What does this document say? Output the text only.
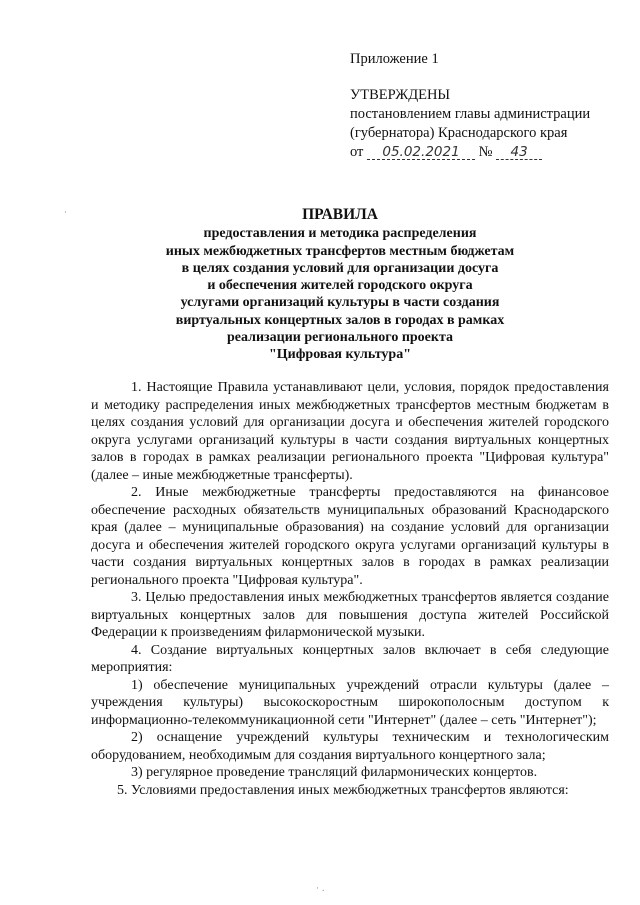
Приложение 1
УТВЕРЖДЕНЫ
постановлением главы администрации
(губернатора) Краснодарского края
от 05.02.2021 № 43
ПРАВИЛА
предоставления и методика распределения
иных межбюджетных трансфертов местным бюджетам
в целях создания условий для организации досуга
и обеспечения жителей городского округа
услугами организаций культуры в части создания
виртуальных концертных залов в городах в рамках
реализации регионального проекта
"Цифровая культура"

1. Настоящие Правила устанавливают цели, условия, порядок предоставления и методику распределения иных межбюджетных трансфертов местным бюджетам в целях создания условий для организации досуга и обеспечения жителей городского округа услугами организаций культуры в части создания виртуальных концертных залов в городах в рамках реализации регионального проекта "Цифровая культура" (далее – иные межбюджетные трансферты).

2. Иные межбюджетные трансферты предоставляются на финансовое обеспечение расходных обязательств муниципальных образований Краснодарского края (далее – муниципальные образования) на создание условий для организации досуга и обеспечения жителей городского округа услугами организаций культуры в части создания виртуальных концертных залов в городах в рамках реализации регионального проекта "Цифровая культура".

3. Целью предоставления иных межбюджетных трансфертов является создание виртуальных концертных залов для повышения доступа жителей Российской Федерации к произведениям филармонической музыки.

4. Создание виртуальных концертных залов включает в себя следующие мероприятия:

1) обеспечение муниципальных учреждений отрасли культуры (далее – учреждения культуры) высокоскоростным широкополосным доступом к информационно-телекоммуникационной сети "Интернет" (далее – сеть "Интернет");

2) оснащение учреждений культуры техническим и технологическим оборудованием, необходимым для создания виртуального концертного зала;

3) регулярное проведение трансляций филармонических концертов.

5. Условиями предоставления иных межбюджетных трансфертов являются:

·
· .
